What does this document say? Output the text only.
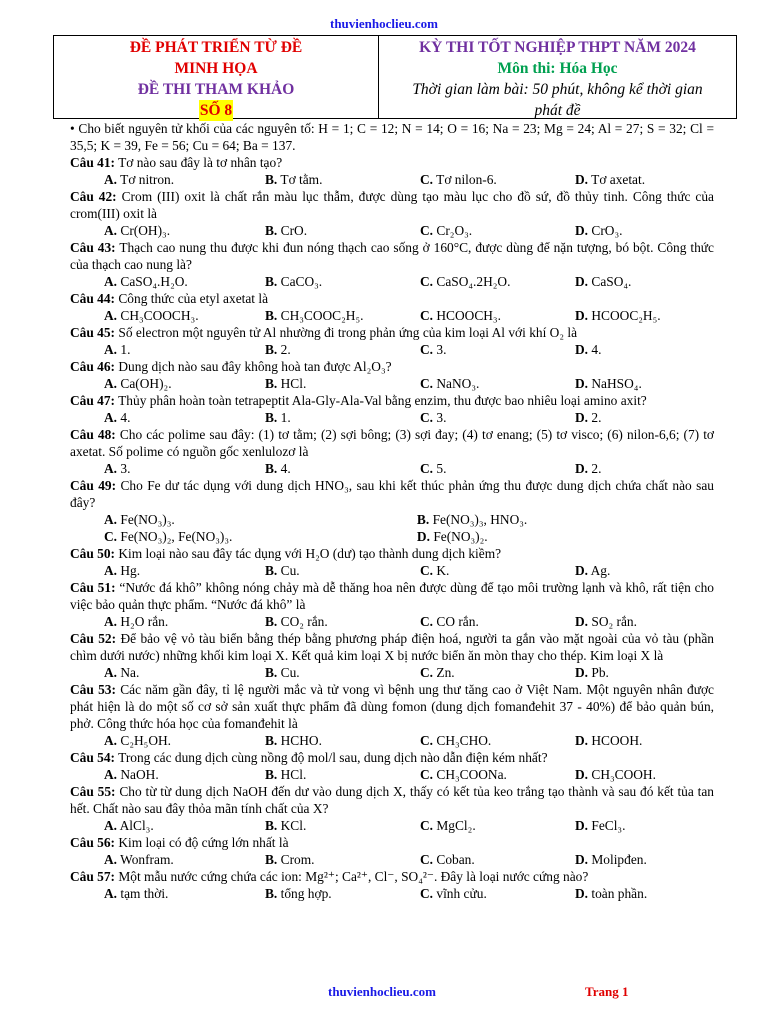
thuvienhoclieu.com
ĐỀ PHÁT TRIỂN TỪ ĐỀ
MINH HỌA
ĐỀ THI THAM KHẢO
SỐ 8
KỲ THI TỐT NGHIỆP THPT NĂM 2024
Môn thi: Hóa Học
Thời gian làm bài: 50 phút, không kể thời gian
phát đề
• Cho biết nguyên tử khối của các nguyên tố: H = 1; C = 12; N = 14; O = 16; Na = 23; Mg = 24; Al = 27; S = 32; Cl = 35,5; K = 39, Fe = 56; Cu = 64; Ba = 137.
Câu 41: Tơ nào sau đây là tơ nhân tạo?
A. Tơ nitron.	B. Tơ tằm.	C. Tơ nilon-6.	D. Tơ axetat.
Câu 42: Crom (III) oxit là chất rắn màu lục thẫm, được dùng tạo màu lục cho đồ sứ, đồ thủy tinh. Công thức của crom(III) oxit là
A. Cr(OH)₃.	B. CrO.	C. Cr₂O₃.	D. CrO₃.
Câu 43: Thạch cao nung thu được khi đun nóng thạch cao sống ở 160°C, được dùng để nặn tượng, bó bột. Công thức của thạch cao nung là?
A. CaSO₄.H₂O.	B. CaCO₃.	C. CaSO₄.2H₂O.	D. CaSO₄.
Câu 44: Công thức của etyl axetat là
A. CH₃COOCH₃.	B. CH₃COOC₂H₅.	C. HCOOCH₃.	D. HCOOC₂H₅.
Câu 45: Số electron một nguyên tử Al nhường đi trong phản ứng của kim loại Al với khí O₂ là
A. 1.	B. 2.	C. 3.	D. 4.
Câu 46: Dung dịch nào sau đây không hoà tan được Al₂O₃?
A. Ca(OH)₂.	B. HCl.	C. NaNO₃.	D. NaHSO₄.
Câu 47: Thủy phân hoàn toàn tetrapeptit Ala-Gly-Ala-Val bằng enzim, thu được bao nhiêu loại amino axit?
A. 4.	B. 1.	C. 3.	D. 2.
Câu 48: Cho các polime sau đây: (1) tơ tằm; (2) sợi bông; (3) sợi đay; (4) tơ enang; (5) tơ visco; (6) nilon-6,6; (7) tơ axetat. Số polime có nguồn gốc xenlulozơ là
A. 3.	B. 4.	C. 5.	D. 2.
Câu 49: Cho Fe dư tác dụng với dung dịch HNO₃, sau khi kết thúc phản ứng thu được dung dịch chứa chất nào sau đây?
A. Fe(NO₃)₃.	B. Fe(NO₃)₃, HNO₃.
C. Fe(NO₃)₂, Fe(NO₃)₃.	D. Fe(NO₃)₂.
Câu 50: Kim loại nào sau đây tác dụng với H₂O (dư) tạo thành dung dịch kiềm?
A. Hg.	B. Cu.	C. K.	D. Ag.
Câu 51: “Nước đá khô” không nóng chảy mà dễ thăng hoa nên được dùng để tạo môi trường lạnh và khô, rất tiện cho việc bảo quản thực phẩm. “Nước đá khô” là
A. H₂O rắn.	B. CO₂ rắn.	C. CO rắn.	D. SO₂ rắn.
Câu 52: Để bảo vệ vỏ tàu biển bằng thép bằng phương pháp điện hoá, người ta gắn vào mặt ngoài của vỏ tàu (phần chìm dưới nước) những khối kim loại X. Kết quả kim loại X bị nước biển ăn mòn thay cho thép. Kim loại X là
A. Na.	B. Cu.	C. Zn.	D. Pb.
Câu 53: Các năm gần đây, tỉ lệ người mắc và tử vong vì bệnh ung thư tăng cao ở Việt Nam. Một nguyên nhân được phát hiện là do một số cơ sở sản xuất thực phẩm đã dùng fomon (dung dịch fomanđehit 37 - 40%) để bảo quản bún, phở. Công thức hóa học của fomanđehit là
A. C₂H₅OH.	B. HCHO.	C. CH₃CHO.	D. HCOOH.
Câu 54: Trong các dung dịch cùng nồng độ mol/l sau, dung dịch nào dẫn điện kém nhất?
A. NaOH.	B. HCl.	C. CH₃COONa.	D. CH₃COOH.
Câu 55: Cho từ từ dung dịch NaOH đến dư vào dung dịch X, thấy có kết tủa keo trắng tạo thành và sau đó kết tủa tan hết. Chất nào sau đây thỏa mãn tính chất của X?
A. AlCl₃.	B. KCl.	C. MgCl₂.	D. FeCl₃.
Câu 56: Kim loại có độ cứng lớn nhất là
A. Wonfram.	B. Crom.	C. Coban.	D. Molipđen.
Câu 57: Một mẫu nước cứng chứa các ion: Mg²⁺; Ca²⁺, Cl⁻, SO₄²⁻. Đây là loại nước cứng nào?
A. tạm thời.	B. tổng hợp.	C. vĩnh cửu.	D. toàn phần.
thuvienhoclieu.com	Trang 1
